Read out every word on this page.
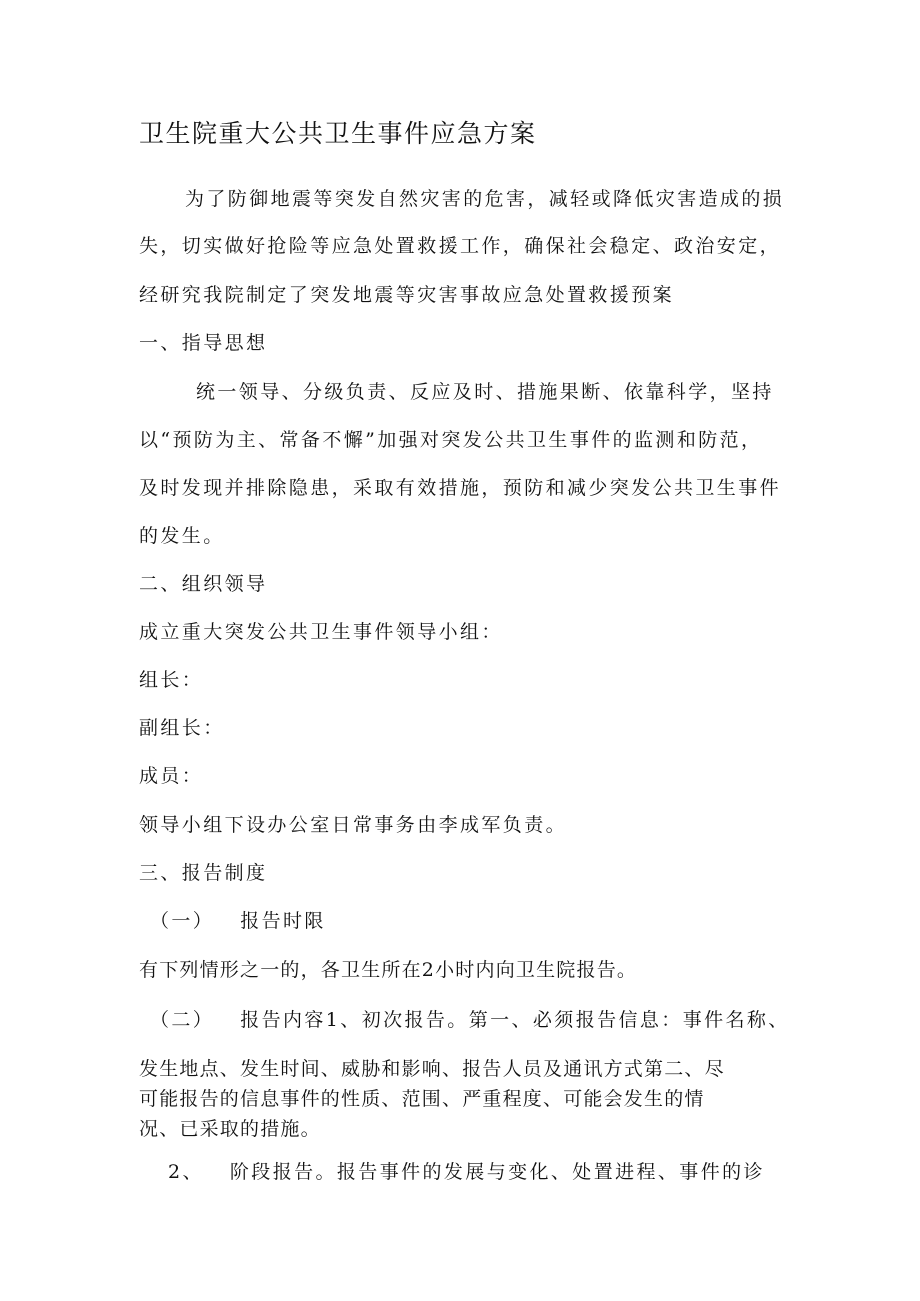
卫生院重大公共卫生事件应急方案
为了防御地震等突发自然灾害的危害，减轻或降低灾害造成的损
失，切实做好抢险等应急处置救援工作，确保社会稳定、政治安定，
经研究我院制定了突发地震等灾害事故应急处置救援预案
一、指导思想
统一领导、分级负责、反应及时、措施果断、依靠科学，坚持
以“预防为主、常备不懈”加强对突发公共卫生事件的监测和防范，
及时发现并排除隐患，采取有效措施，预防和减少突发公共卫生事件
的发生。
二、组织领导
成立重大突发公共卫生事件领导小组：
组长：
副组长：
成员：
领导小组下设办公室日常事务由李成军负责。
三、报告制度
（一） 报告时限
有下列情形之一的，各卫生所在2小时内向卫生院报告。
（二） 报告内容1、初次报告。第一、必须报告信息：事件名称、
发生地点、发生时间、威胁和影响、报告人员及通讯方式第二、尽
可能报告的信息事件的性质、范围、严重程度、可能会发生的情
况、已采取的措施。
2、 阶段报告。报告事件的发展与变化、处置进程、事件的诊
